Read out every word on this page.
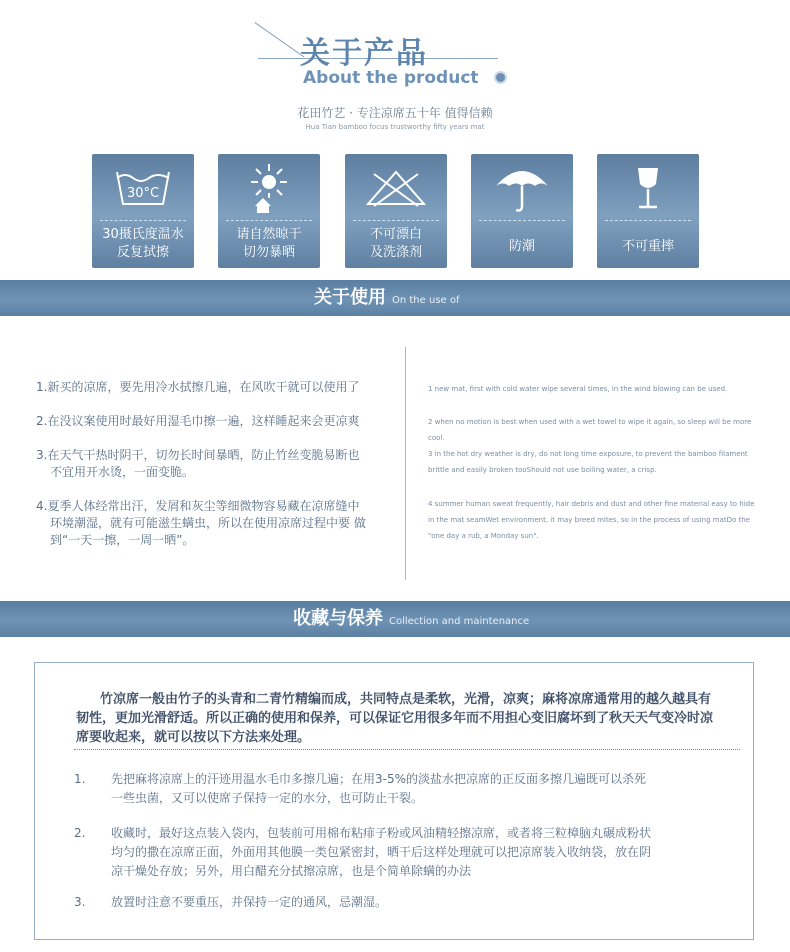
关于产品
About the product
花田竹艺 · 专注凉席五十年 值得信赖
Hua Tian bamboo focus trustworthy fifty years mat
30°C
30摄氏度温水
反复拭擦
请自然晾干
切勿暴晒
不可漂白
及洗涤剂	防潮	不可重摔
关于使用 On the use of
1.新买的凉席，要先用冷水拭擦几遍，在风吹干就可以使用了
2.在没议案使用时最好用湿毛巾擦一遍，这样睡起来会更凉爽
3.在天气干热时阴干，切勿长时间暴晒，防止竹丝变脆易断也
不宜用开水烫，一面变脆。
4.夏季人体经常出汗，发屑和灰尘等细微物容易藏在凉席缝中
环境潮湿，就有可能滋生螨虫，所以在使用凉席过程中要 做到“一天一擦，一周一晒”。
1 new mat, first with cold water wipe several times, in the wind blowing can be used.
2 when no motion is best when used with a wet towel to wipe it again, so sleep will be more cool.
3 in the hot dry weather is dry, do not long time exposure, to prevent the bamboo filament brittle and easily broken tooShould not use boiling water, a crisp.
4 summer human sweat frequently, hair debris and dust and other fine material easy to hide in the mat seamWet environment, it may breed mites, so in the process of using matDo the "one day a rub, a Monday sun".
收藏与保养 Collection and maintenance
竹凉席一般由竹子的头青和二青竹精编而成，共同特点是柔软，光滑，凉爽；麻将凉席通常用的越久越具有韧性，更加光滑舒适。所以正确的使用和保养，可以保证它用很多年而不用担心变旧腐坏到了秋天天气变冷时凉席要收起来，就可以按以下方法来处理。
1. 先把麻将凉席上的汗迹用温水毛巾多擦几遍；在用3-5%的淡盐水把凉席的正反面多擦几遍既可以杀死一些虫菌，又可以使席子保持一定的水分，也可防止干裂。
2. 收藏时，最好这点装入袋内，包装前可用棉布粘痱子粉或风油精轻擦凉席，或者将三粒樟脑丸碾成粉状均匀的撒在凉席正面，外面用其他膜一类包紧密封，晒干后这样处理就可以把凉席装入收纳袋，放在阴凉干燥处存放；另外，用白醋充分拭擦凉席，也是个简单除螨的办法
3. 放置时注意不要重压，并保持一定的通风，忌潮湿。
